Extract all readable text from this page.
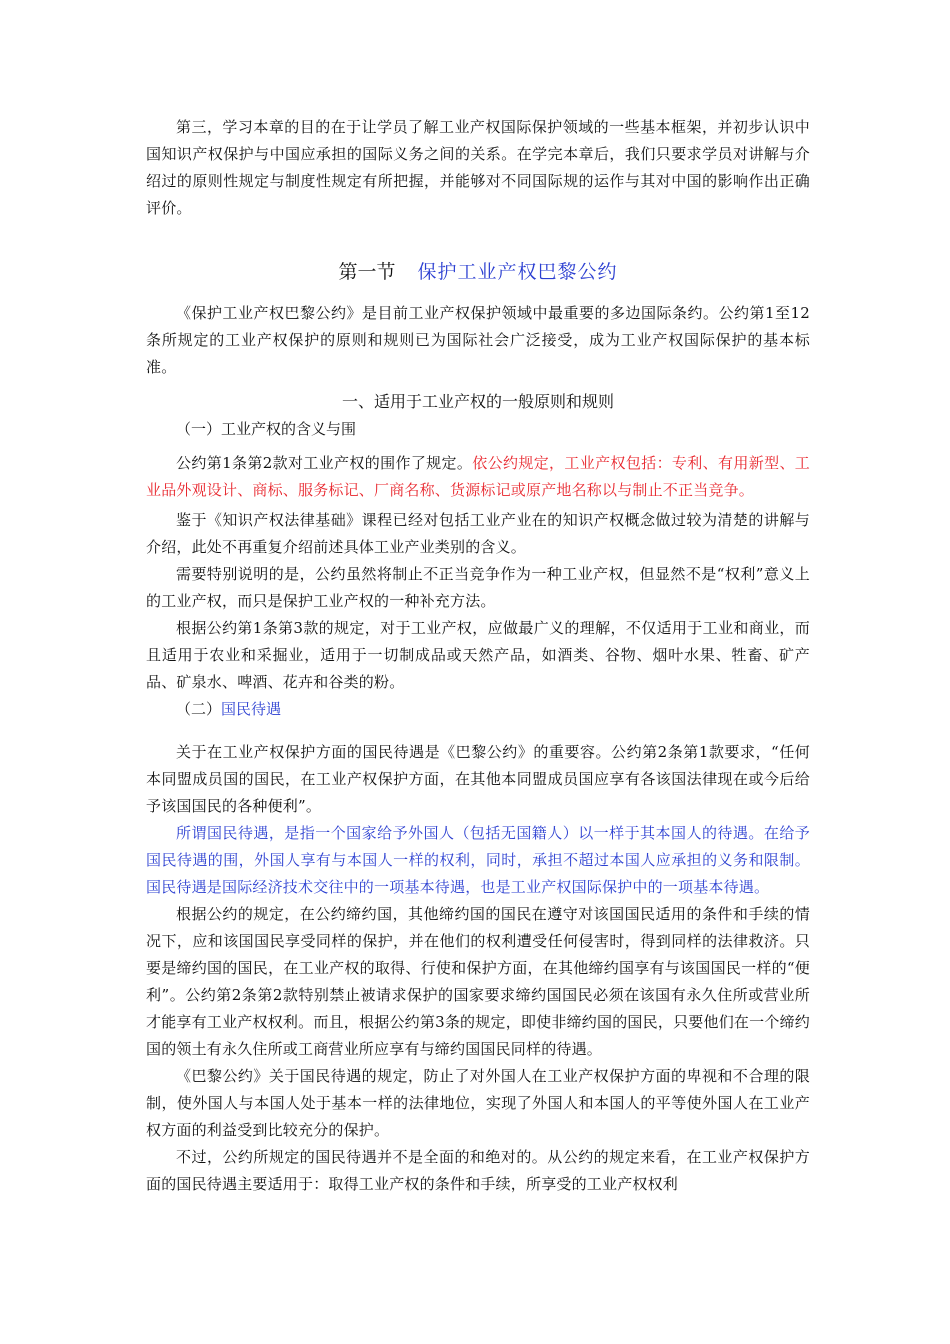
第三，学习本章的目的在于让学员了解工业产权国际保护领域的一些基本框架，并初步认识中国知识产权保护与中国应承担的国际义务之间的关系。在学完本章后，我们只要求学员对讲解与介绍过的原则性规定与制度性规定有所把握，并能够对不同国际规的运作与其对中国的影响作出正确评价。

第一节 保护工业产权巴黎公约

《保护工业产权巴黎公约》是目前工业产权保护领域中最重要的多边国际条约。公约第1至12条所规定的工业产权保护的原则和规则已为国际社会广泛接受，成为工业产权国际保护的基本标准。

一、适用于工业产权的一般原则和规则

（一）工业产权的含义与围

公约第1条第2款对工业产权的围作了规定。依公约规定，工业产权包括：专利、有用新型、工业品外观设计、商标、服务标记、厂商名称、货源标记或原产地名称以与制止不正当竞争。

鉴于《知识产权法律基础》课程已经对包括工业产业在的知识产权概念做过较为清楚的讲解与介绍，此处不再重复介绍前述具体工业产业类别的含义。

需要特别说明的是，公约虽然将制止不正当竞争作为一种工业产权，但显然不是“权利”意义上的工业产权，而只是保护工业产权的一种补充方法。

根据公约第1条第3款的规定，对于工业产权，应做最广义的理解，不仅适用于工业和商业，而且适用于农业和采掘业，适用于一切制成品或天然产品，如酒类、谷物、烟叶水果、牲畜、矿产品、矿泉水、啤酒、花卉和谷类的粉。

（二）国民待遇

关于在工业产权保护方面的国民待遇是《巴黎公约》的重要容。公约第2条第1款要求，“任何本同盟成员国的国民，在工业产权保护方面，在其他本同盟成员国应享有各该国法律现在或今后给予该国国民的各种便利”。

所谓国民待遇，是指一个国家给予外国人（包括无国籍人）以一样于其本国人的待遇。在给予国民待遇的围，外国人享有与本国人一样的权利，同时，承担不超过本国人应承担的义务和限制。国民待遇是国际经济技术交往中的一项基本待遇，也是工业产权国际保护中的一项基本待遇。

根据公约的规定，在公约缔约国，其他缔约国的国民在遵守对该国国民适用的条件和手续的情况下，应和该国国民享受同样的保护，并在他们的权利遭受任何侵害时，得到同样的法律救济。只要是缔约国的国民，在工业产权的取得、行使和保护方面，在其他缔约国享有与该国国民一样的“便利”。公约第2条第2款特别禁止被请求保护的国家要求缔约国国民必须在该国有永久住所或营业所才能享有工业产权权利。而且，根据公约第3条的规定，即使非缔约国的国民，只要他们在一个缔约国的领土有永久住所或工商营业所应享有与缔约国国民同样的待遇。

《巴黎公约》关于国民待遇的规定，防止了对外国人在工业产权保护方面的卑视和不合理的限制，使外国人与本国人处于基本一样的法律地位，实现了外国人和本国人的平等使外国人在工业产权方面的利益受到比较充分的保护。

不过，公约所规定的国民待遇并不是全面的和绝对的。从公约的规定来看，在工业产权保护方面的国民待遇主要适用于：取得工业产权的条件和手续，所享受的工业产权权利
